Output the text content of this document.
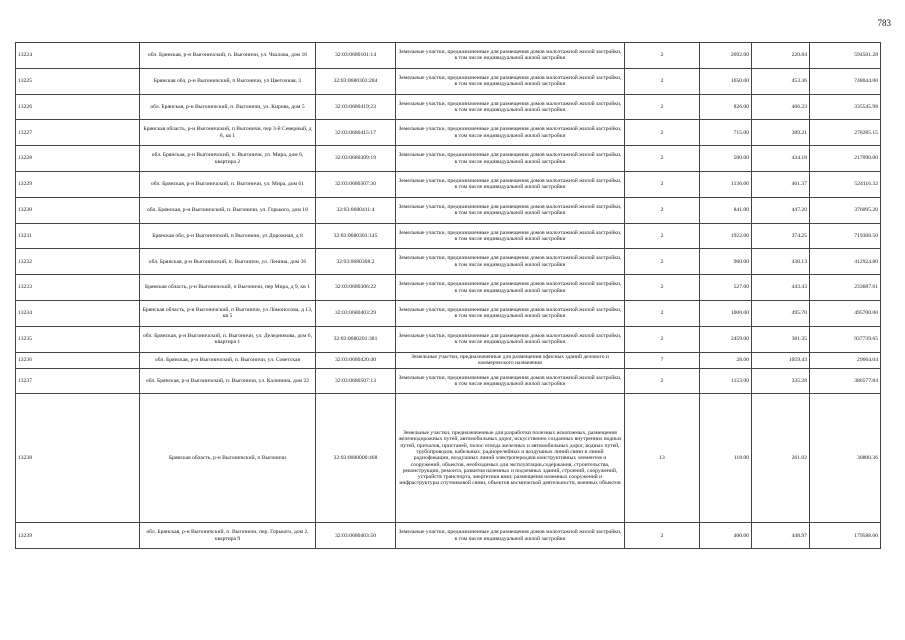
783
13224	обл. Брянская, р-н Выгоничский, п. Выгоничи, ул. Чкалова, дом 16	32:03:0680101:14	Земельные участки, предназначенные для размещения домов малоэтажной жилой застройки, в том числе индивидуальной жилой застройки	2	2692.00	220.84	594501.28
13225	Брянская обл, р-н Выгоничский, п Выгоничи, ул Цветочная, 3	32:03:0680303:284	Земельные участки, предназначенные для размещения домов малоэтажной жилой застройки, в том числе индивидуальной жилой застройки	2	1650.00	453.36	748044.00
13226	обл. Брянская, р-н Выгоничский, п. Выгоничи, ул. Кирова, дом 5	32:03:0680419:23	Земельные участки, предназначенные для размещения домов малоэтажной жилой застройки, в том числе индивидуальной жилой застройки	2	826.00	406.23	335545.98
13227	Брянская область, р-н Выгоничский, п Выгоничи, пер 3-й Северный, д 8, кв 1	32:03:0680415:17	Земельные участки, предназначенные для размещения домов малоэтажной жилой застройки, в том числе индивидуальной жилой застройки	2	715.00	389.21	278285.15
13228	обл. Брянская, р-н Выгоничский, п. Выгоничи, ул. Мира, дом 6, квартира 2	32:03:0680309:19	Земельные участки, предназначенные для размещения домов малоэтажной жилой застройки, в том числе индивидуальной жилой застройки	2	500.00	434.18	217090.00
13229	обл. Брянская, р-н Выгоничский, п. Выгоничи, ул. Мира, дом 61	32:03:0680307:30	Земельные участки, предназначенные для размещения домов малоэтажной жилой застройки, в том числе индивидуальной жилой застройки	2	1136.00	461.37	524116.32
13230	обл. Брянская, р-н Выгоничский, п. Выгоничи, ул. Горького, дом 18	32:03:0680411:4	Земельные участки, предназначенные для размещения домов малоэтажной жилой застройки, в том числе индивидуальной жилой застройки	2	841.00	447.20	376095.20
13231	Брянская обл, р-н Выгоничский, п Выгоничи, ул Дорожная, д 8	32:03:0680303:145	Земельные участки, предназначенные для размещения домов малоэтажной жилой застройки, в том числе индивидуальной жилой застройки	2	1922.00	374.25	719308.50
13232	обл. Брянская, р-н Выгоничский, п. Выгоничи, ул. Ленина, дом 36	32:03:0680308:2	Земельные участки, предназначенные для размещения домов малоэтажной жилой застройки, в том числе индивидуальной жилой застройки	2	960.00	430.13	412924.80
13233	Брянская область, р-н Выгоничский, п Выгоничи, пер Мира, д 9, кв 1	32:03:0680306:22	Земельные участки, предназначенные для размещения домов малоэтажной жилой застройки, в том числе индивидуальной жилой застройки	2	527.00	443.43	233687.61
13234	Брянская область, р-н Выгоничский, п Выгоничи, ул Ломоносова, д 13, кв 5	32:03:0680403:29	Земельные участки, предназначенные для размещения домов малоэтажной жилой застройки, в том числе индивидуальной жилой застройки	2	1000.00	495.70	495700.00
13235	обл. Брянская, р-н Выгоничский, п. Выгоничи, ул. Деледникова, дом 6, квартира 1	32:03:0680201:381	Земельные участки, предназначенные для размещения домов малоэтажной жилой застройки, в том числе индивидуальной жилой застройки	2	2459.00	381.35	937739.65
13236	обл. Брянская, р-н Выгоничский, п. Выгоничи, ул. Советская	32:03:0680420:40	Земельные участки, предназначенные для размещения офисных зданий делового и коммерческого назначения	7	28.00	1059.43	29664.04
13237	обл. Брянская, р-н Выгоничский, п. Выгоничи, ул. Калинина, дом 22	32:03:0680507:13	Земельные участки, предназначенные для размещения домов малоэтажной жилой застройки, в том числе индивидуальной жилой застройки	2	1153.00	335.28	386577.84
13238	Брянская область, р-н Выгоничский, п Выгоничи	32:03:0000000:468	Земельные участки, предназначенные для разработки полезных ископаемых, размещения железнодорожных путей, автомобильных дорог, искусственно созданных внутренних водных путей, причалов, пристаней, полос отвода железных и автомобильных дорог, водных путей, трубопроводов, кабельных, радиорелейных и воздушных линий связи и линий радиофикации, воздушных линий электропередачи конструктивных элементов и сооружений, объектов, необходимых для эксплуатации,содержания, строительства, реконструкции, ремонта, развития наземных и подземных зданий, строений, сооружений, устройств транспорта, энергетики вязи; размещения наземных сооружений и инфраструктуры спутниковой связи, объектов космической деятельности, военных объектов	13	118.00	261.02	30800.36
13239	обл. Брянская, р-н Выгоничский, п. Выгоничи, пер. Горького, дом 2, квартира 9	32:03:0680403:50	Земельные участки, предназначенные для размещения домов малоэтажной жилой застройки, в том числе индивидуальной жилой застройки	2	400.00	448.97	179588.00
